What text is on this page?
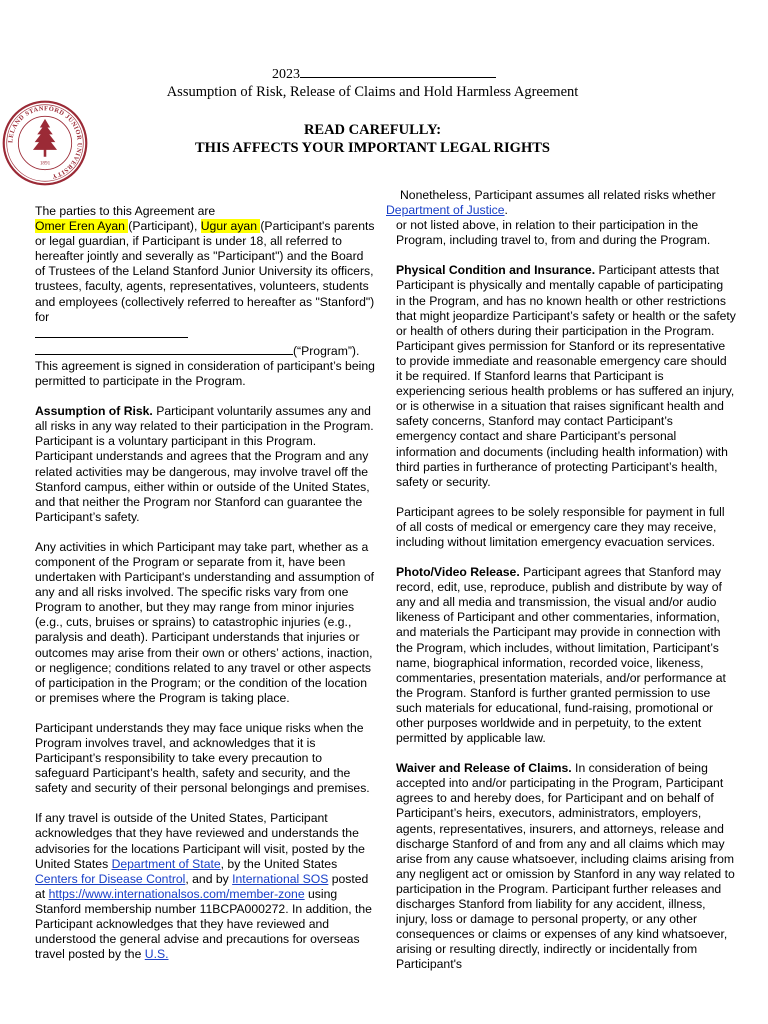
2023
Assumption of Risk, Release of Claims and Hold Harmless Agreement
LELAND STANFORD JUNIOR UNIVERSITY
1891
READ CAREFULLY:
THIS AFFECTS YOUR IMPORTANT LEGAL RIGHTS

The parties to this Agreement are
Omer Eren Ayan (Participant), Ugur ayan (Participant's parents or legal guardian, if Participant is under 18, all referred to hereafter jointly and severally as "Participant") and the Board of Trustees of the Leland Stanford Junior University its officers, trustees, faculty, agents, representatives, volunteers, students and employees (collectively referred to hereafter as "Stanford") for

(“Program”). This agreement is signed in consideration of participant’s being permitted to participate in the Program.

Assumption of Risk. Participant voluntarily assumes any and all risks in any way related to their participation in the Program. Participant is a voluntary participant in this Program. Participant understands and agrees that the Program and any related activities may be dangerous, may involve travel off the Stanford campus, either within or outside of the United States, and that neither the Program nor Stanford can guarantee the Participant’s safety.

Any activities in which Participant may take part, whether as a component of the Program or separate from it, have been undertaken with Participant's understanding and assumption of any and all risks involved. The specific risks vary from one Program to another, but they may range from minor injuries (e.g., cuts, bruises or sprains) to catastrophic injuries (e.g., paralysis and death). Participant understands that injuries or outcomes may arise from their own or others’ actions, inaction, or negligence; conditions related to any travel or other aspects of participation in the Program; or the condition of the location or premises where the Program is taking place.

Participant understands they may face unique risks when the Program involves travel, and acknowledges that it is Participant’s responsibility to take every precaution to safeguard Participant’s health, safety and security, and the safety and security of their personal belongings and premises.

If any travel is outside of the United States, Participant acknowledges that they have reviewed and understands the advisories for the locations Participant will visit, posted by the United States Department of State, by the United States Centers for Disease Control, and by International SOS posted at https://www.internationalsos.com/member-zone using Stanford membership number 11BCPA000272. In addition, the Participant acknowledges that they have reviewed and understood the general advise and precautions for overseas travel posted by the U.S.

Nonetheless, Participant assumes all related risks whether

Department of Justice.

or not listed above, in relation to their participation in the Program, including travel to, from and during the Program.

Physical Condition and Insurance. Participant attests that Participant is physically and mentally capable of participating in the Program, and has no known health or other restrictions that might jeopardize Participant’s safety or health or the safety or health of others during their participation in the Program. Participant gives permission for Stanford or its representative to provide immediate and reasonable emergency care should it be required. If Stanford learns that Participant is experiencing serious health problems or has suffered an injury, or is otherwise in a situation that raises significant health and safety concerns, Stanford may contact Participant’s emergency contact and share Participant’s personal information and documents (including health information) with third parties in furtherance of protecting Participant’s health, safety or security.

Participant agrees to be solely responsible for payment in full of all costs of medical or emergency care they may receive, including without limitation emergency evacuation services.

Photo/Video Release. Participant agrees that Stanford may record, edit, use, reproduce, publish and distribute by way of any and all media and transmission, the visual and/or audio likeness of Participant and other commentaries, information, and materials the Participant may provide in connection with the Program, which includes, without limitation, Participant’s name, biographical information, recorded voice, likeness, commentaries, presentation materials, and/or performance at the Program. Stanford is further granted permission to use such materials for educational, fund-raising, promotional or other purposes worldwide and in perpetuity, to the extent permitted by applicable law.

Waiver and Release of Claims. In consideration of being accepted into and/or participating in the Program, Participant agrees to and hereby does, for Participant and on behalf of Participant’s heirs, executors, administrators, employers, agents, representatives, insurers, and attorneys, release and discharge Stanford of and from any and all claims which may arise from any cause whatsoever, including claims arising from any negligent act or omission by Stanford in any way related to participation in the Program. Participant further releases and discharges Stanford from liability for any accident, illness, injury, loss or damage to personal property, or any other consequences or claims or expenses of any kind whatsoever, arising or resulting directly, indirectly or incidentally from Participant's
